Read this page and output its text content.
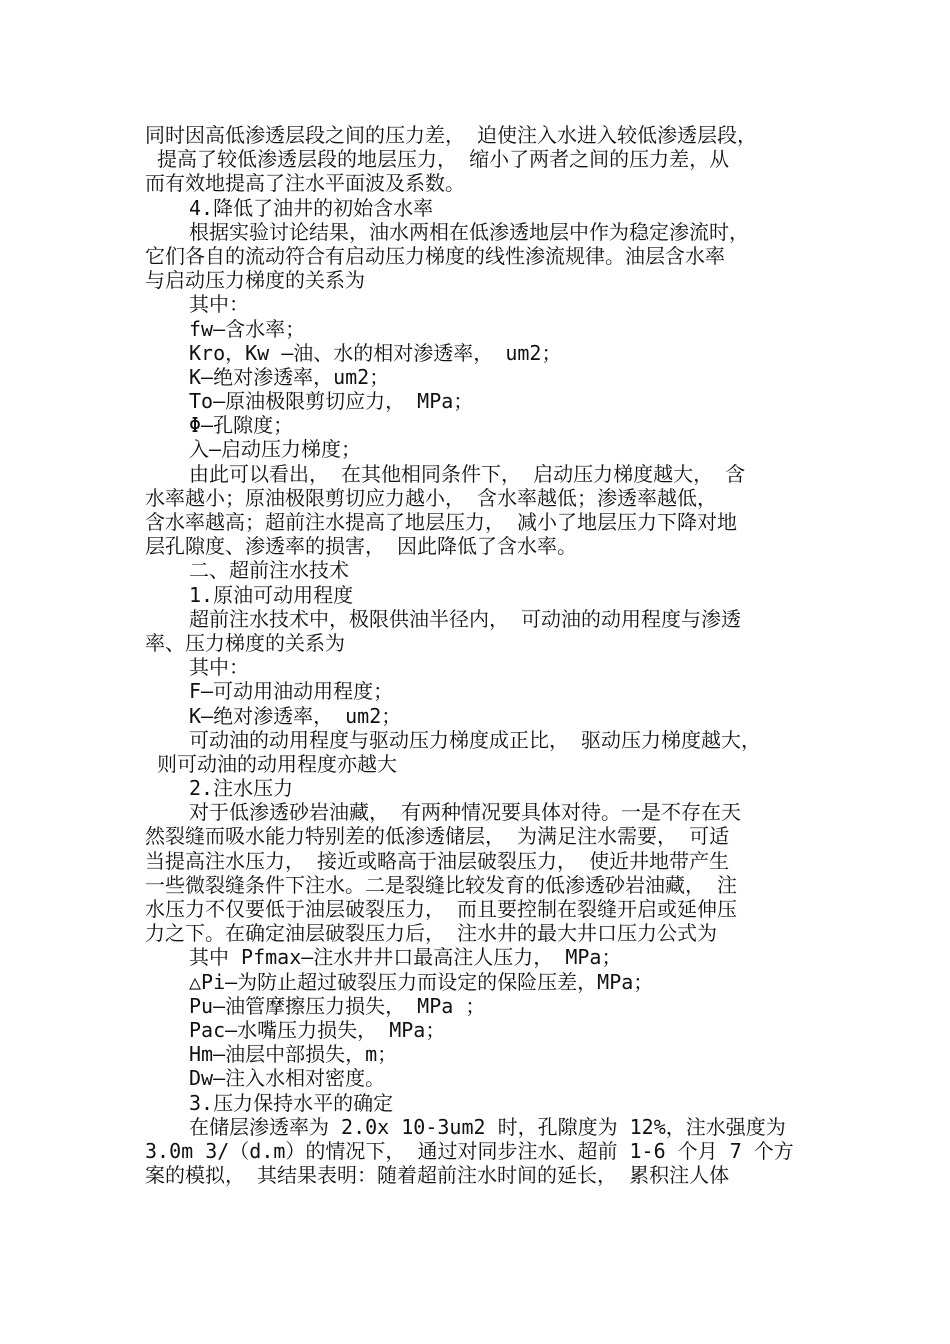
同时因高低渗透层段之间的压力差， 迫使注入水进入较低渗透层段，
提高了较低渗透层段的地层压力， 缩小了两者之间的压力差，从
而有效地提高了注水平面波及系数。
4.降低了油井的初始含水率
根据实验讨论结果，油水两相在低渗透地层中作为稳定渗流时，
它们各自的流动符合有启动压力梯度的线性渗流规律。油层含水率
与启动压力梯度的关系为
其中：
fw—含水率；
Kro，Kw —油、水的相对渗透率， um2；
K—绝对渗透率，um2；
To—原油极限剪切应力， MPa；
Φ—孔隙度；
入—启动压力梯度；
由此可以看出， 在其他相同条件下， 启动压力梯度越大， 含
水率越小；原油极限剪切应力越小， 含水率越低；渗透率越低，
含水率越高；超前注水提高了地层压力， 减小了地层压力下降对地
层孔隙度、渗透率的损害， 因此降低了含水率。
二、超前注水技术
1.原油可动用程度
超前注水技术中，极限供油半径内， 可动油的动用程度与渗透
率、压力梯度的关系为
其中：
F—可动用油动用程度；
K—绝对渗透率， um2；
可动油的动用程度与驱动压力梯度成正比， 驱动压力梯度越大，
则可动油的动用程度亦越大
2.注水压力
对于低渗透砂岩油藏， 有两种情况要具体对待。一是不存在天
然裂缝而吸水能力特别差的低渗透储层， 为满足注水需要， 可适
当提高注水压力， 接近或略高于油层破裂压力， 使近井地带产生
一些微裂缝条件下注水。二是裂缝比较发育的低渗透砂岩油藏， 注
水压力不仅要低于油层破裂压力， 而且要控制在裂缝开启或延伸压
力之下。在确定油层破裂压力后， 注水井的最大井口压力公式为
其中 Pfmax—注水井井口最高注人压力， MPa；
△Pi—为防止超过破裂压力而设定的保险压差，MPa；
Pu—油管摩擦压力损失， MPa ；
Pac—水嘴压力损失， MPa；
Hm—油层中部损失，m；
Dw—注入水相对密度。
3.压力保持水平的确定
在储层渗透率为 2.0x 10-3um2 时，孔隙度为 12%，注水强度为
3.0m 3/（d.m）的情况下， 通过对同步注水、超前 1-6 个月 7 个方
案的模拟， 其结果表明：随着超前注水时间的延长， 累积注人体
